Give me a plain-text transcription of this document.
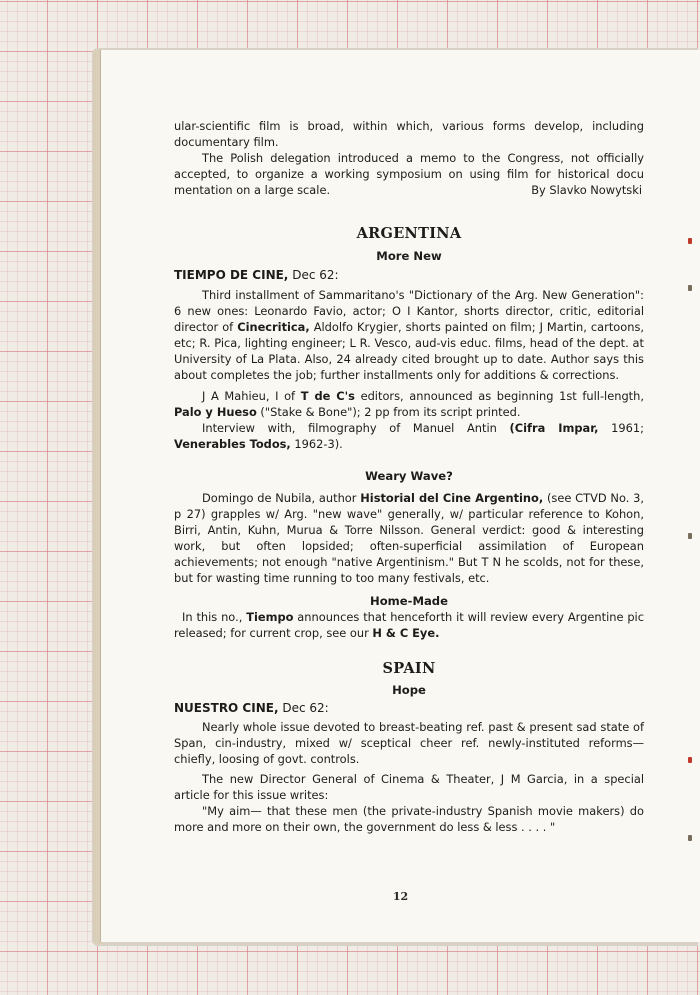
ular-scientific film is broad, within which, various forms develop, including documentary film.

The Polish delegation introduced a memo to the Congress, not officially accepted, to organize a working symposium on using film for historical docu

mentation on a large scale.	By Slavko Nowytski
ARGENTINA
More New

TIEMPO DE CINE, Dec 62:

Third installment of Sammaritano's "Dictionary of the Arg. New Generation": 6 new ones: Leonardo Favio, actor; O I Kantor, shorts director, critic, editorial director of Cinecritica, Aldolfo Krygier, shorts painted on film; J Martin, cartoons, etc; R. Pica, lighting engineer; L R. Vesco, aud-vis educ. films, head of the dept. at University of La Plata. Also, 24 already cited brought up to date. Author says this about completes the job; further installments only for additions & corrections.

J A Mahieu, I of T de C's editors, announced as beginning 1st full-length, Palo y Hueso ("Stake & Bone"); 2 pp from its script printed.

Interview with, filmography of Manuel Antin (Cifra Impar, 1961; Venerables Todos, 1962-3).

Weary Wave?

Domingo de Nubila, author Historial del Cine Argentino, (see CTVD No. 3, p 27) grapples w/ Arg. "new wave" generally, w/ particular reference to Kohon, Birri, Antin, Kuhn, Murua & Torre Nilsson. General verdict: good & interesting work, but often lopsided; often-superficial assimilation of European achievements; not enough "native Argentinism." But T N he scolds, not for these, but for wasting time running to too many festivals, etc.

Home-Made

In this no., Tiempo announces that henceforth it will review every Argentine pic released; for current crop, see our H & C Eye.

SPAIN
Hope

NUESTRO CINE, Dec 62:

Nearly whole issue devoted to breast-beating ref. past & present sad state of Span, cin-industry, mixed w/ sceptical cheer ref. newly-instituted reforms— chiefly, loosing of govt. controls.

The new Director General of Cinema & Theater, J M Garcia, in a special article for this issue writes:

"My aim— that these men (the private-industry Spanish movie makers) do more and more on their own, the government do less & less . . . . "

12
